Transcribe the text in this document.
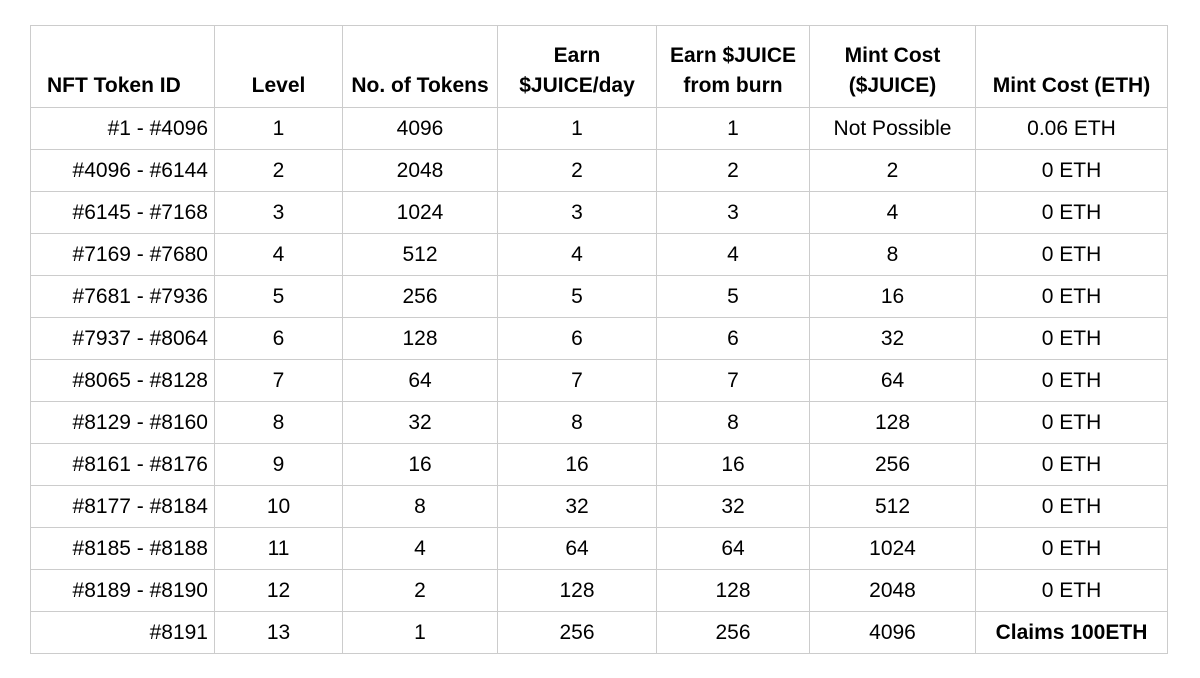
NFT Token ID	Level	No. of Tokens	Earn $JUICE/day	Earn $JUICE from burn	Mint Cost ($JUICE)	Mint Cost (ETH)
#1 - #4096	1	4096	1	1	Not Possible	0.06 ETH
#4096 - #6144	2	2048	2	2	2	0 ETH
#6145 - #7168	3	1024	3	3	4	0 ETH
#7169 - #7680	4	512	4	4	8	0 ETH
#7681 - #7936	5	256	5	5	16	0 ETH
#7937 - #8064	6	128	6	6	32	0 ETH
#8065 - #8128	7	64	7	7	64	0 ETH
#8129 - #8160	8	32	8	8	128	0 ETH
#8161 - #8176	9	16	16	16	256	0 ETH
#8177 - #8184	10	8	32	32	512	0 ETH
#8185 - #8188	11	4	64	64	1024	0 ETH
#8189 - #8190	12	2	128	128	2048	0 ETH
#8191	13	1	256	256	4096	Claims 100ETH
